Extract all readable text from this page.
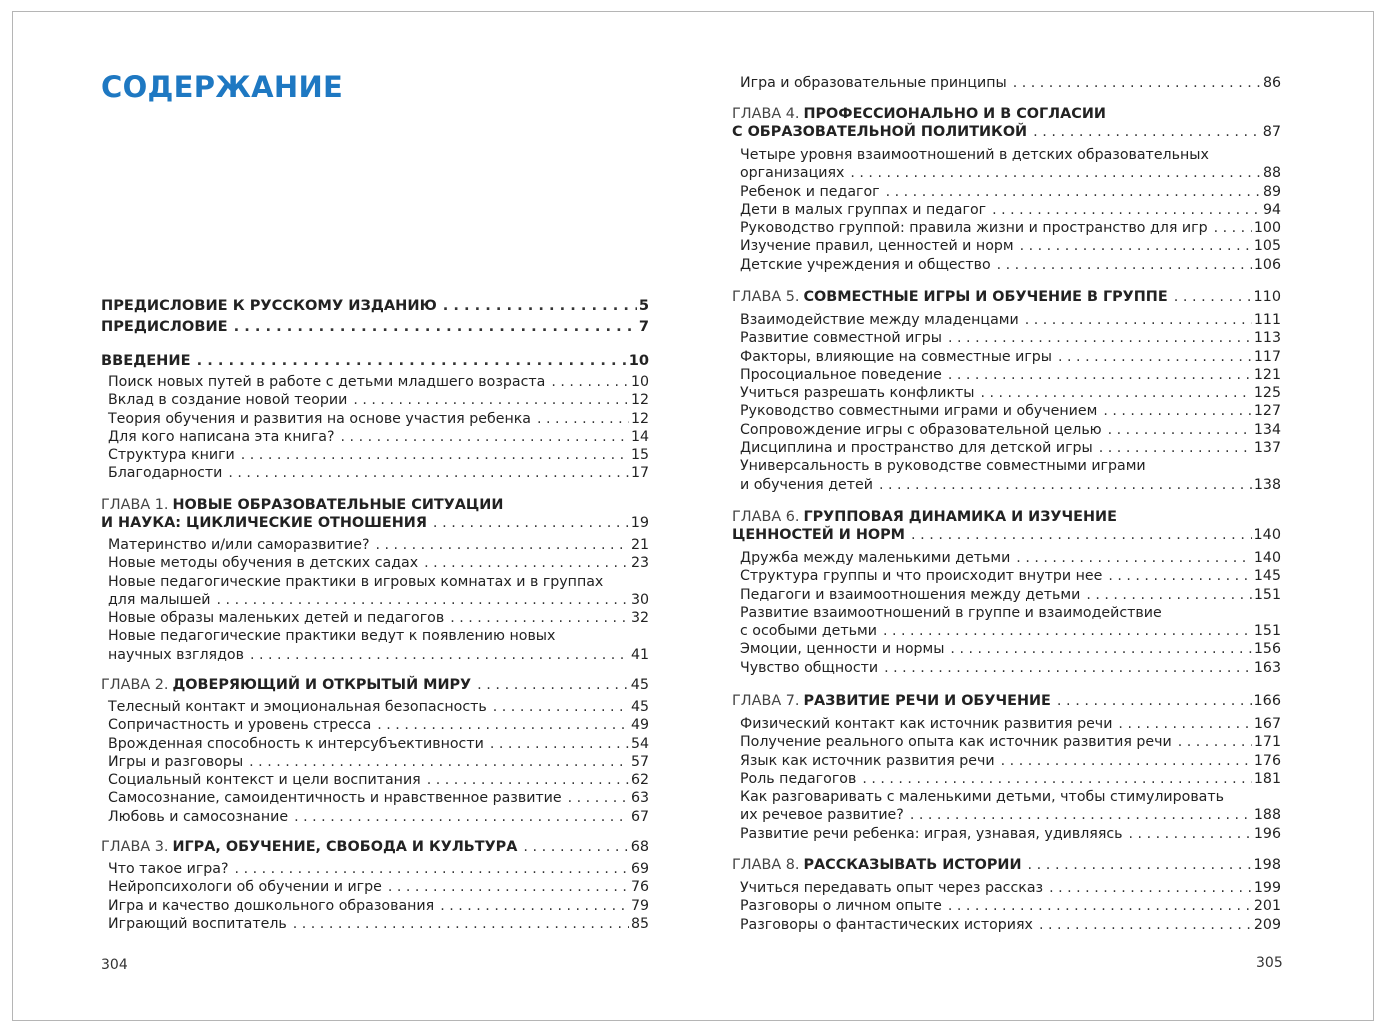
СОДЕРЖАНИЕ
ПРЕДИСЛОВИЕ К РУССКОМУ ИЗДАНИЮ . . .	5
ПРЕДИСЛОВИЕ . . .	7
ВВЕДЕНИЕ . . .	10
Поиск новых путей в работе с детьми младшего возраста . . .	10
Вклад в создание новой теории . . .	12
Теория обучения и развития на основе участия ребенка . . .	12
Для кого написана эта книга? . . .	14
Структура книги . . .	15
Благодарности . . .	17
ГЛАВА 1. НОВЫЕ ОБРАЗОВАТЕЛЬНЫЕ СИТУАЦИИ
И НАУКА: ЦИКЛИЧЕСКИЕ ОТНОШЕНИЯ . . .	19
Материнство и/или саморазвитие? . . .	21
Новые методы обучения в детских садах . . .	23
Новые педагогические практики в игровых комнатах и в группах
для малышей . . .	30
Новые образы маленьких детей и педагогов . . .	32
Новые педагогические практики ведут к появлению новых
научных взглядов . . .	41
ГЛАВА 2. ДОВЕРЯЮЩИЙ И ОТКРЫТЫЙ МИРУ . . .	45
Телесный контакт и эмоциональная безопасность . . .	45
Сопричастность и уровень стресса . . .	49
Врожденная способность к интерсубъективности . . .	54
Игры и разговоры . . .	57
Социальный контекст и цели воспитания . . .	62
Самосознание, самоидентичность и нравственное развитие . . .	63
Любовь и самосознание . . .	67
ГЛАВА 3. ИГРА, ОБУЧЕНИЕ, СВОБОДА И КУЛЬТУРА . . .	68
Что такое игра? . . .	69
Нейропсихологи об обучении и игре . . .	76
Игра и качество дошкольного образования . . .	79
Играющий воспитатель . . .	85
304
Игра и образовательные принципы . . .	86
ГЛАВА 4. ПРОФЕССИОНАЛЬНО И В СОГЛАСИИ
С ОБРАЗОВАТЕЛЬНОЙ ПОЛИТИКОЙ . . .	87
Четыре уровня взаимоотношений в детских образовательных
организациях . . .	88
Ребенок и педагог . . .	89
Дети в малых группах и педагог . . .	94
Руководство группой: правила жизни и пространство для игр . . .	100
Изучение правил, ценностей и норм . . .	105
Детские учреждения и общество . . .	106
ГЛАВА 5. СОВМЕСТНЫЕ ИГРЫ И ОБУЧЕНИЕ В ГРУППЕ . . .	110
Взаимодействие между младенцами . . .	111
Развитие совместной игры . . .	113
Факторы, влияющие на совместные игры . . .	117
Просоциальное поведение . . .	121
Учиться разрешать конфликты . . .	125
Руководство совместными играми и обучением . . .	127
Сопровождение игры с образовательной целью . . .	134
Дисциплина и пространство для детской игры . . .	137
Универсальность в руководстве совместными играми
и обучения детей . . .	138
ГЛАВА 6. ГРУППОВАЯ ДИНАМИКА И ИЗУЧЕНИЕ
ЦЕННОСТЕЙ И НОРМ . . .	140
Дружба между маленькими детьми . . .	140
Структура группы и что происходит внутри нее . . .	145
Педагоги и взаимоотношения между детьми . . .	151
Развитие взаимоотношений в группе и взаимодействие
с особыми детьми . . .	151
Эмоции, ценности и нормы . . .	156
Чувство общности . . .	163
ГЛАВА 7. РАЗВИТИЕ РЕЧИ И ОБУЧЕНИЕ . . .	166
Физический контакт как источник развития речи . . .	167
Получение реального опыта как источник развития речи . . .	171
Язык как источник развития речи . . .	176
Роль педагогов . . .	181
Как разговаривать с маленькими детьми, чтобы стимулировать
их речевое развитие? . . .	188
Развитие речи ребенка: играя, узнавая, удивляясь . . .	196
ГЛАВА 8. РАССКАЗЫВАТЬ ИСТОРИИ . . .	198
Учиться передавать опыт через рассказ . . .	199
Разговоры о личном опыте . . .	201
Разговоры о фантастических историях . . .	209
305
